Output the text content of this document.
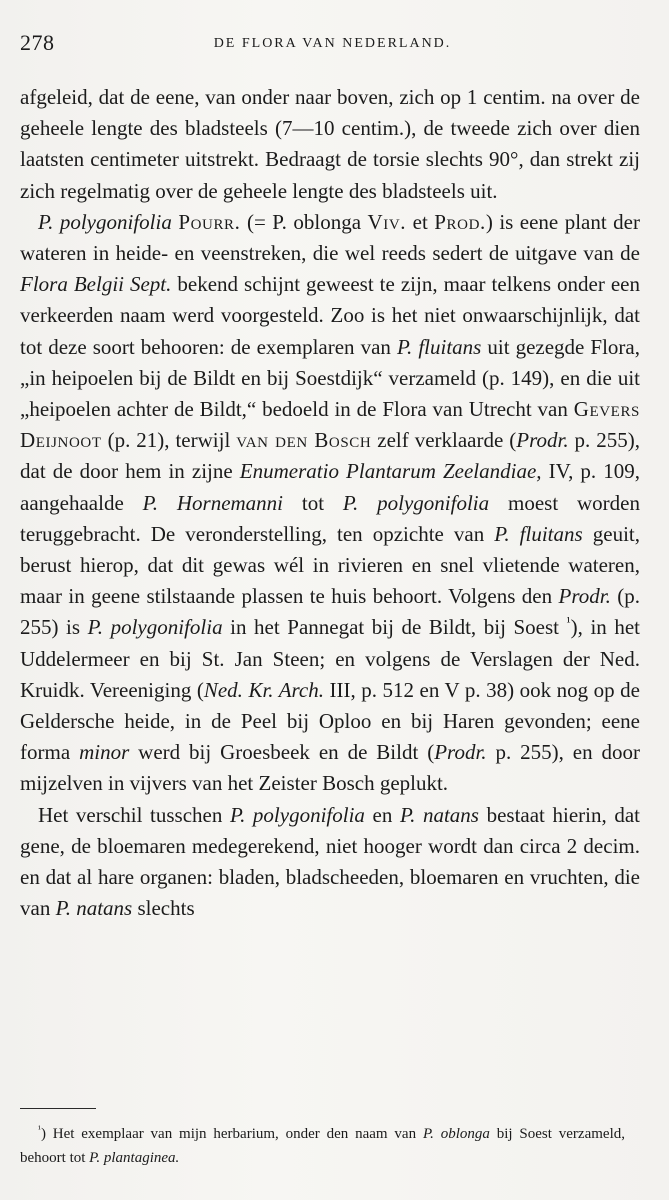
278	DE FLORA VAN NEDERLAND.

afgeleid, dat de eene, van onder naar boven, zich op 1 centim. na over de geheele lengte des bladsteels (7—10 centim.), de tweede zich over dien laatsten centimeter uitstrekt. Bedraagt de torsie slechts 90°, dan strekt zij zich regelmatig over de geheele lengte des bladsteels uit.

P. polygonifolia Pourr. (= P. oblonga Viv. et Prod.) is eene plant der wateren in heide- en veenstreken, die wel reeds sedert de uitgave van de Flora Belgii Sept. bekend schijnt geweest te zijn, maar telkens onder een verkeerden naam werd voorgesteld. Zoo is het niet onwaarschijnlijk, dat tot deze soort behooren: de exemplaren van P. fluitans uit gezegde Flora, „in heipoelen bij de Bildt en bij Soestdijk“ verzameld (p. 149), en die uit „heipoelen achter de Bildt,“ bedoeld in de Flora van Utrecht van Gevers Deijnoot (p. 21), terwijl van den Bosch zelf verklaarde (Prodr. p. 255), dat de door hem in zijne Enumeratio Plantarum Zeelandiae, IV, p. 109, aangehaalde P. Hornemanni tot P. polygonifolia moest worden teruggebracht. De veronderstelling, ten opzichte van P. fluitans geuit, berust hierop, dat dit gewas wél in rivieren en snel vlietende wateren, maar in geene stilstaande plassen te huis behoort. Volgens den Prodr. (p. 255) is P. polygonifolia in het Pannegat bij de Bildt, bij Soest $^{^1}$), in het Uddelermeer en bij St. Jan Steen; en volgens de Verslagen der Ned. Kruidk. Vereeniging (Ned. Kr. Arch. III, p. 512 en V p. 38) ook nog op de Geldersche heide, in de Peel bij Oploo en bij Haren gevonden; eene forma minor werd bij Groesbeek en de Bildt (Prodr. p. 255), en door mijzelven in vijvers van het Zeister Bosch geplukt.

Het verschil tusschen P. polygonifolia en P. natans bestaat hierin, dat gene, de bloemaren medegerekend, niet hooger wordt dan circa 2 decim. en dat al hare organen: bladen, bladscheeden, bloemaren en vruchten, die van P. natans slechts

$^{^1}$) Het exemplaar van mijn herbarium, onder den naam van P. oblonga bij Soest verzameld, behoort tot P. plantaginea.
